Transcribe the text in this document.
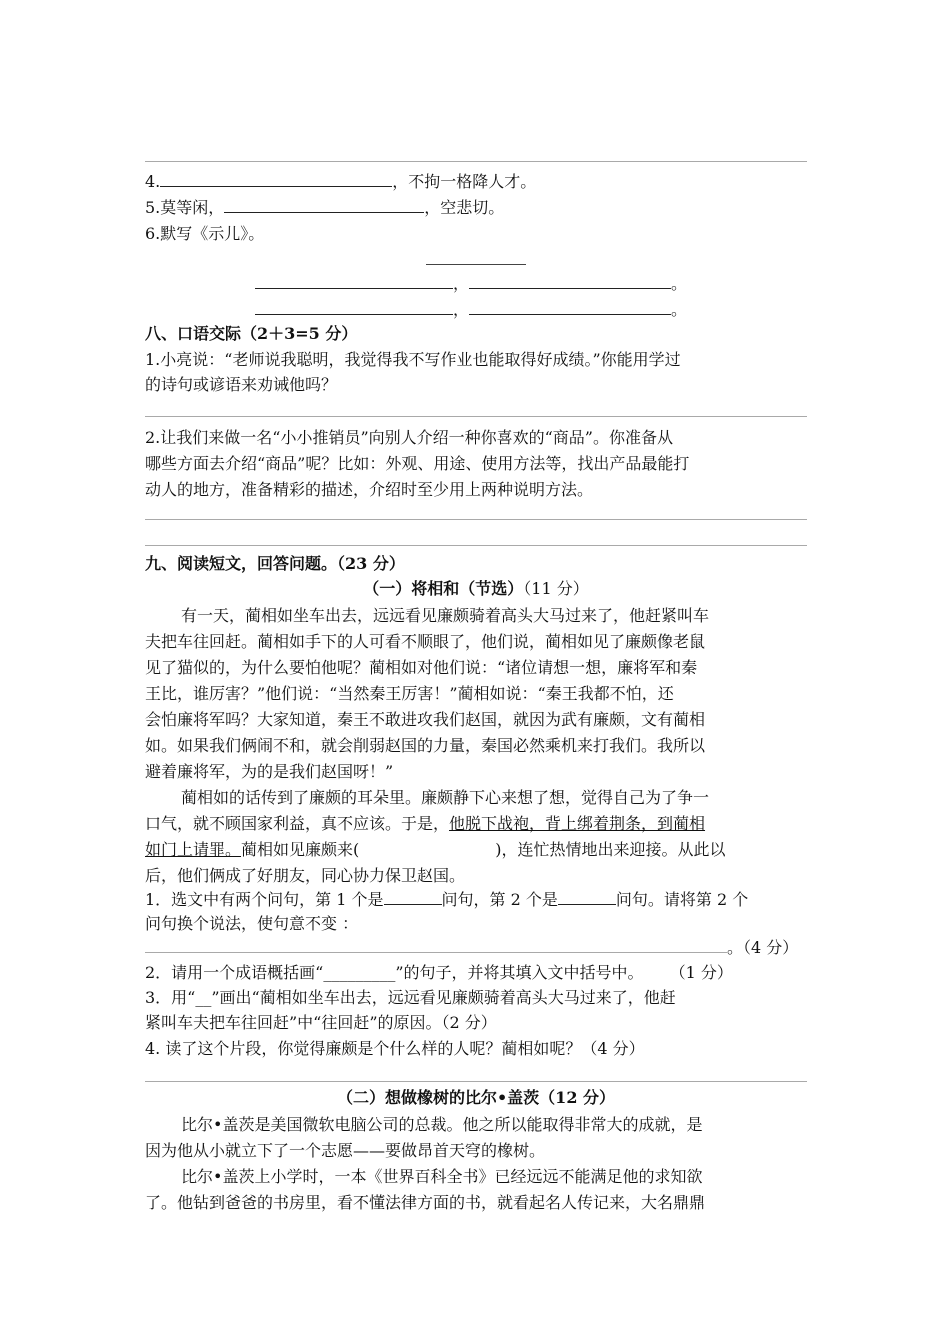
4.	，不拘一格降人才。
5.莫等闲，	，空悲切。
6.默写《示儿》。
，	。
，	。
八、口语交际（2＋3=5 分）
1.小亮说：“老师说我聪明，我觉得我不写作业也能取得好成绩。”你能用学过
的诗句或谚语来劝诫他吗？
2.让我们来做一名“小小推销员”向别人介绍一种你喜欢的“商品”。你准备从
哪些方面去介绍“商品”呢？比如：外观、用途、使用方法等，找出产品最能打
动人的地方，准备精彩的描述，介绍时至少用上两种说明方法。
九、阅读短文，回答问题。（23 分）
（一）将相和（节选）（11 分）
有一天，蔺相如坐车出去，远远看见廉颇骑着高头大马过来了，他赶紧叫车
夫把车往回赶。蔺相如手下的人可看不顺眼了，他们说，蔺相如见了廉颇像老鼠
见了猫似的，为什么要怕他呢？蔺相如对他们说：“诸位请想一想，廉将军和秦
王比，谁厉害？”他们说：“当然秦王厉害！”蔺相如说：“秦王我都不怕，还
会怕廉将军吗？大家知道，秦王不敢进攻我们赵国，就因为武有廉颇，文有蔺相
如。如果我们俩闹不和，就会削弱赵国的力量，秦国必然乘机来打我们。我所以
避着廉将军，为的是我们赵国呀！”
蔺相如的话传到了廉颇的耳朵里。廉颇静下心来想了想，觉得自己为了争一
口气，就不顾国家利益，真不应该。于是，他脱下战袍，背上绑着荆条，到蔺相
如门上请罪。蔺相如见廉颇来(	)，连忙热情地出来迎接。从此以
后，他们俩成了好朋友，同心协力保卫赵国。
1．选文中有两个问句，第 1 个是	问句，第 2 个是	问句。请将第 2 个
问句换个说法，使句意不变 ：
。（4 分）
2．请用一个成语概括画“_________”的句子，并将其填入文中括号中。 （1 分）
3．用“__”画出“蔺相如坐车出去，远远看见廉颇骑着高头大马过来了，他赶
紧叫车夫把车往回赶”中“往回赶”的原因。（2 分）
4. 读了这个片段，你觉得廉颇是个什么样的人呢？蔺相如呢？（4 分）
（二）想做橡树的比尔•盖茨（12 分）
比尔•盖茨是美国微软电脑公司的总裁。他之所以能取得非常大的成就，是
因为他从小就立下了一个志愿——要做昂首天穹的橡树。
比尔•盖茨上小学时，一本《世界百科全书》已经远远不能满足他的求知欲
了。他钻到爸爸的书房里，看不懂法律方面的书，就看起名人传记来，大名鼎鼎
